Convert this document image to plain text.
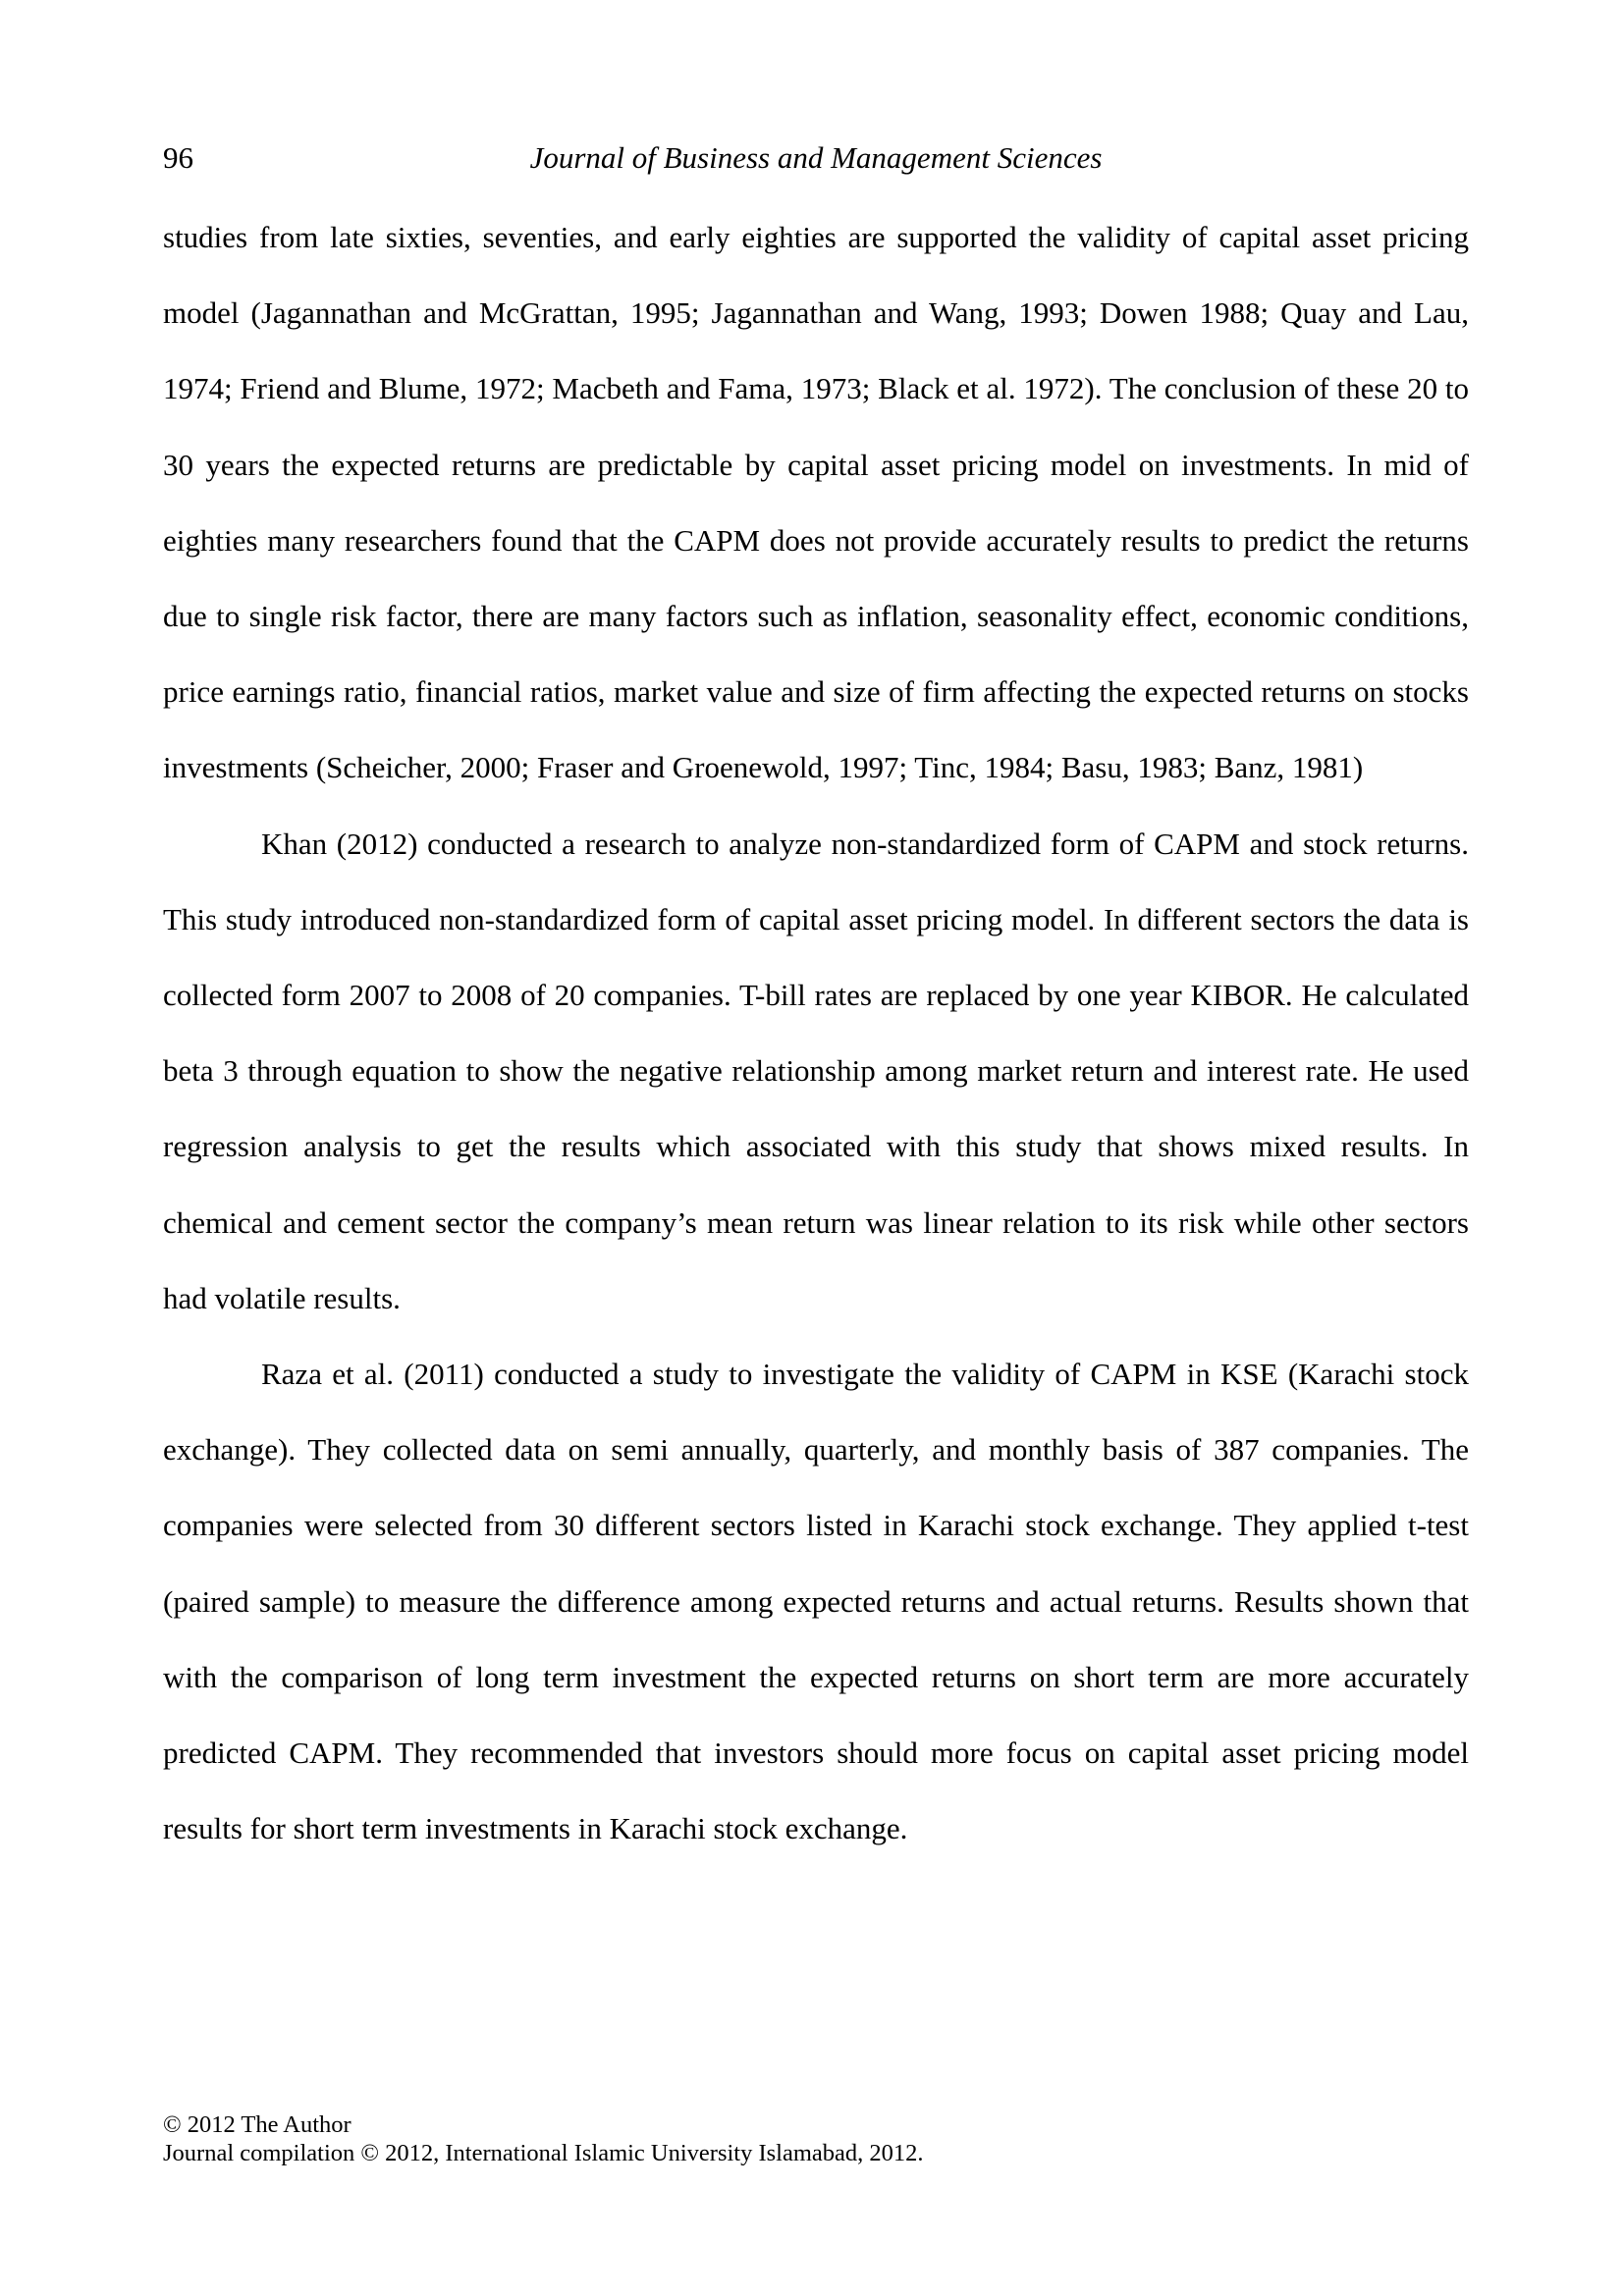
96	Journal of Business and Management Sciences

studies from late sixties, seventies, and early eighties are supported the validity of capital asset pricing model (Jagannathan and McGrattan, 1995; Jagannathan and Wang, 1993; Dowen 1988; Quay and Lau, 1974; Friend and Blume, 1972; Macbeth and Fama, 1973; Black et al. 1972). The conclusion of these 20 to 30 years the expected returns are predictable by capital asset pricing model on investments. In mid of eighties many researchers found that the CAPM does not provide accurately results to predict the returns due to single risk factor, there are many factors such as inflation, seasonality effect, economic conditions, price earnings ratio, financial ratios, market value and size of firm affecting the expected returns on stocks investments (Scheicher, 2000; Fraser and Groenewold, 1997; Tinc, 1984; Basu, 1983; Banz, 1981)

Khan (2012) conducted a research to analyze non-standardized form of CAPM and stock returns. This study introduced non-standardized form of capital asset pricing model. In different sectors the data is collected form 2007 to 2008 of 20 companies. T-bill rates are replaced by one year KIBOR. He calculated beta 3 through equation to show the negative relationship among market return and interest rate. He used regression analysis to get the results which associated with this study that shows mixed results. In chemical and cement sector the company’s mean return was linear relation to its risk while other sectors had volatile results.

Raza et al. (2011) conducted a study to investigate the validity of CAPM in KSE (Karachi stock exchange). They collected data on semi annually, quarterly, and monthly basis of 387 companies. The companies were selected from 30 different sectors listed in Karachi stock exchange. They applied t-test (paired sample) to measure the difference among expected returns and actual returns. Results shown that with the comparison of long term investment the expected returns on short term are more accurately predicted CAPM. They recommended that investors should more focus on capital asset pricing model results for short term investments in Karachi stock exchange.

© 2012 The Author
Journal compilation © 2012, International Islamic University Islamabad, 2012.
